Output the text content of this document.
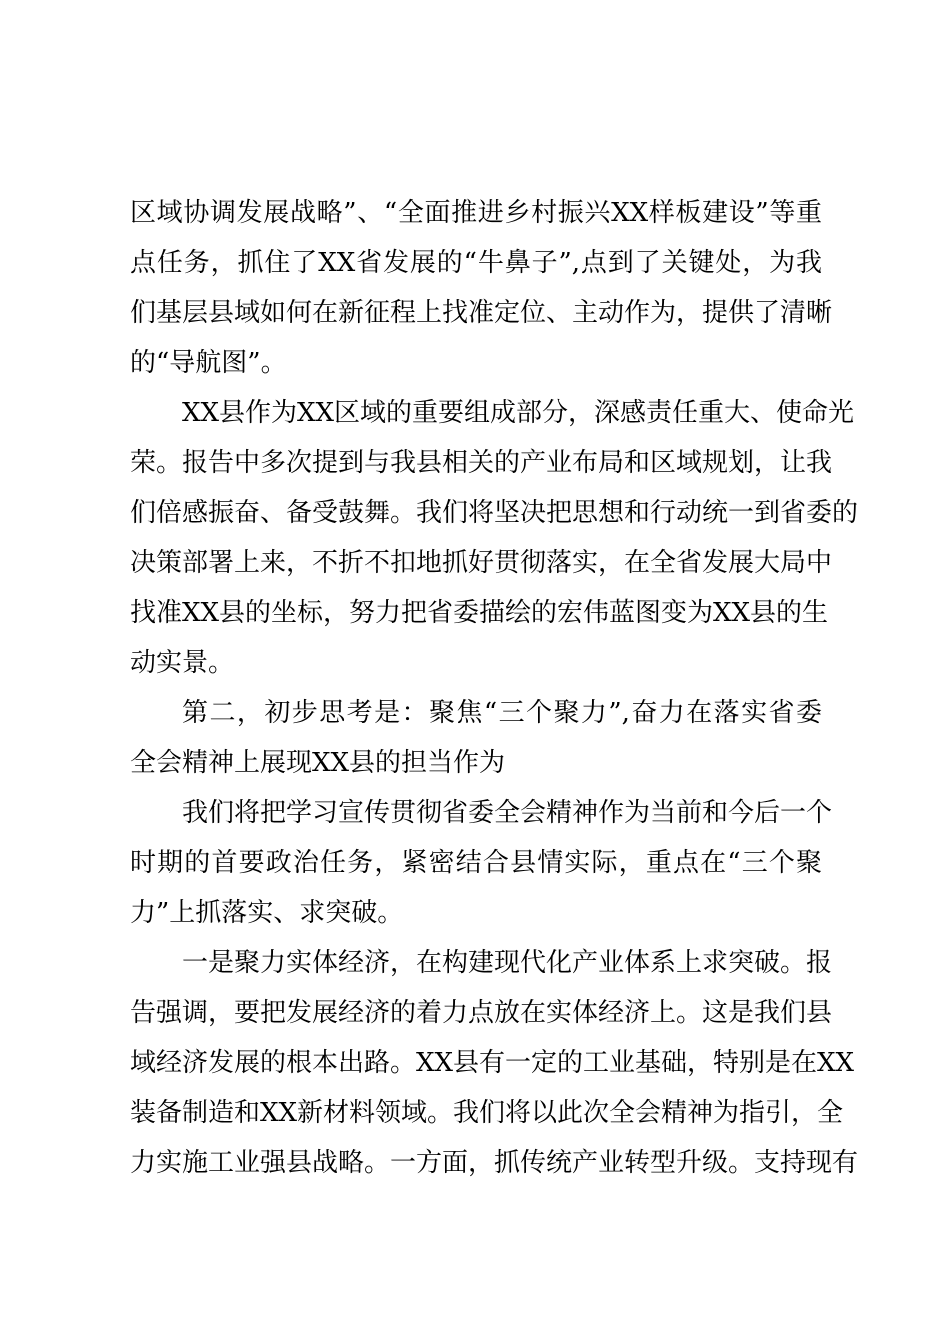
区域协调发展战略”、“全面推进乡村振兴XX样板建设”等重
点任务，抓住了XX省发展的“牛鼻子”,点到了关键处，为我
们基层县域如何在新征程上找准定位、主动作为，提供了清晰
的“导航图”。
XX县作为XX区域的重要组成部分，深感责任重大、使命光
荣。报告中多次提到与我县相关的产业布局和区域规划，让我
们倍感振奋、备受鼓舞。我们将坚决把思想和行动统一到省委的
决策部署上来，不折不扣地抓好贯彻落实，在全省发展大局中
找准XX县的坐标，努力把省委描绘的宏伟蓝图变为XX县的生
动实景。
第二，初步思考是：聚焦“三个聚力”,奋力在落实省委
全会精神上展现XX县的担当作为
我们将把学习宣传贯彻省委全会精神作为当前和今后一个
时期的首要政治任务，紧密结合县情实际，重点在“三个聚
力”上抓落实、求突破。
一是聚力实体经济，在构建现代化产业体系上求突破。报
告强调，要把发展经济的着力点放在实体经济上。这是我们县
域经济发展的根本出路。XX县有一定的工业基础，特别是在XX
装备制造和XX新材料领域。我们将以此次全会精神为指引，全
力实施工业强县战略。一方面，抓传统产业转型升级。支持现有
